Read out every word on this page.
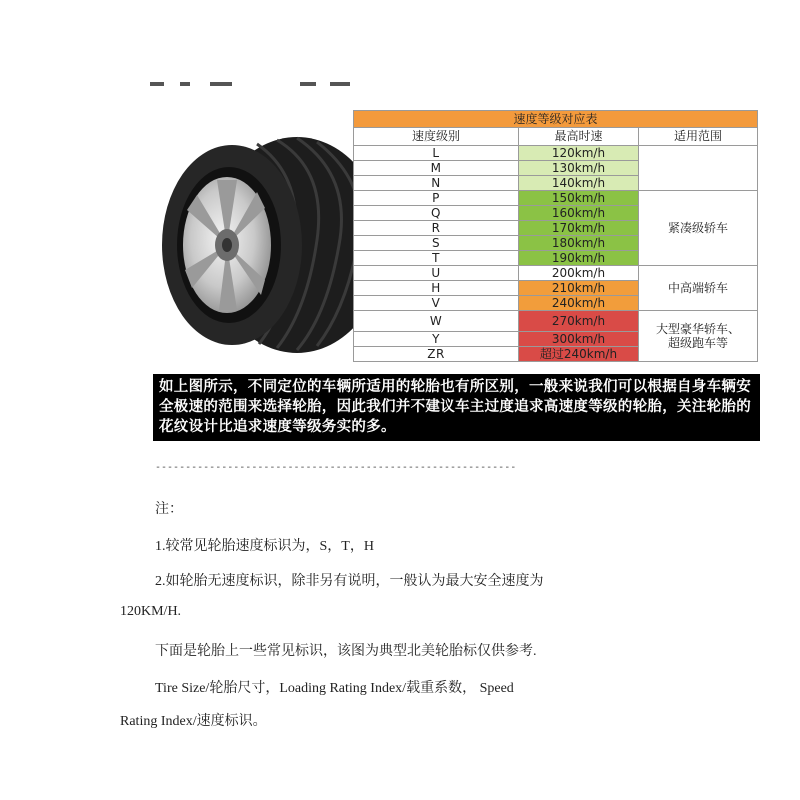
速度等级对应表		
速度级别	最高时速	适用范围
L	120km/h	
M	130km/h	
N	140km/h	
P	150km/h	紧凑级轿车
Q	160km/h	
R	170km/h	
S	180km/h	
T	190km/h	
U	200km/h	中高端轿车
H	210km/h	
V	240km/h	
W	270km/h	大型豪华轿车、
超级跑车等

Y	300km/h	
ZR	超过240km/h	
如上图所示，不同定位的车辆所适用的轮胎也有所区别，一般来说我们可以根据自身车辆安全极速的范围来选择轮胎，因此我们并不建议车主过度追求高速度等级的轮胎，关注轮胎的花纹设计比追求速度等级务实的多。
------------------------------------------------------------
注：
1.较常见轮胎速度标识为，S，T，H
2.如轮胎无速度标识，除非另有说明，一般认为最大安全速度为
120KM/H.
下面是轮胎上一些常见标识，该图为典型北美轮胎标仅供参考.
Tire Size/轮胎尺寸，Loading Rating Index/载重系数， Speed
Rating Index/速度标识。
